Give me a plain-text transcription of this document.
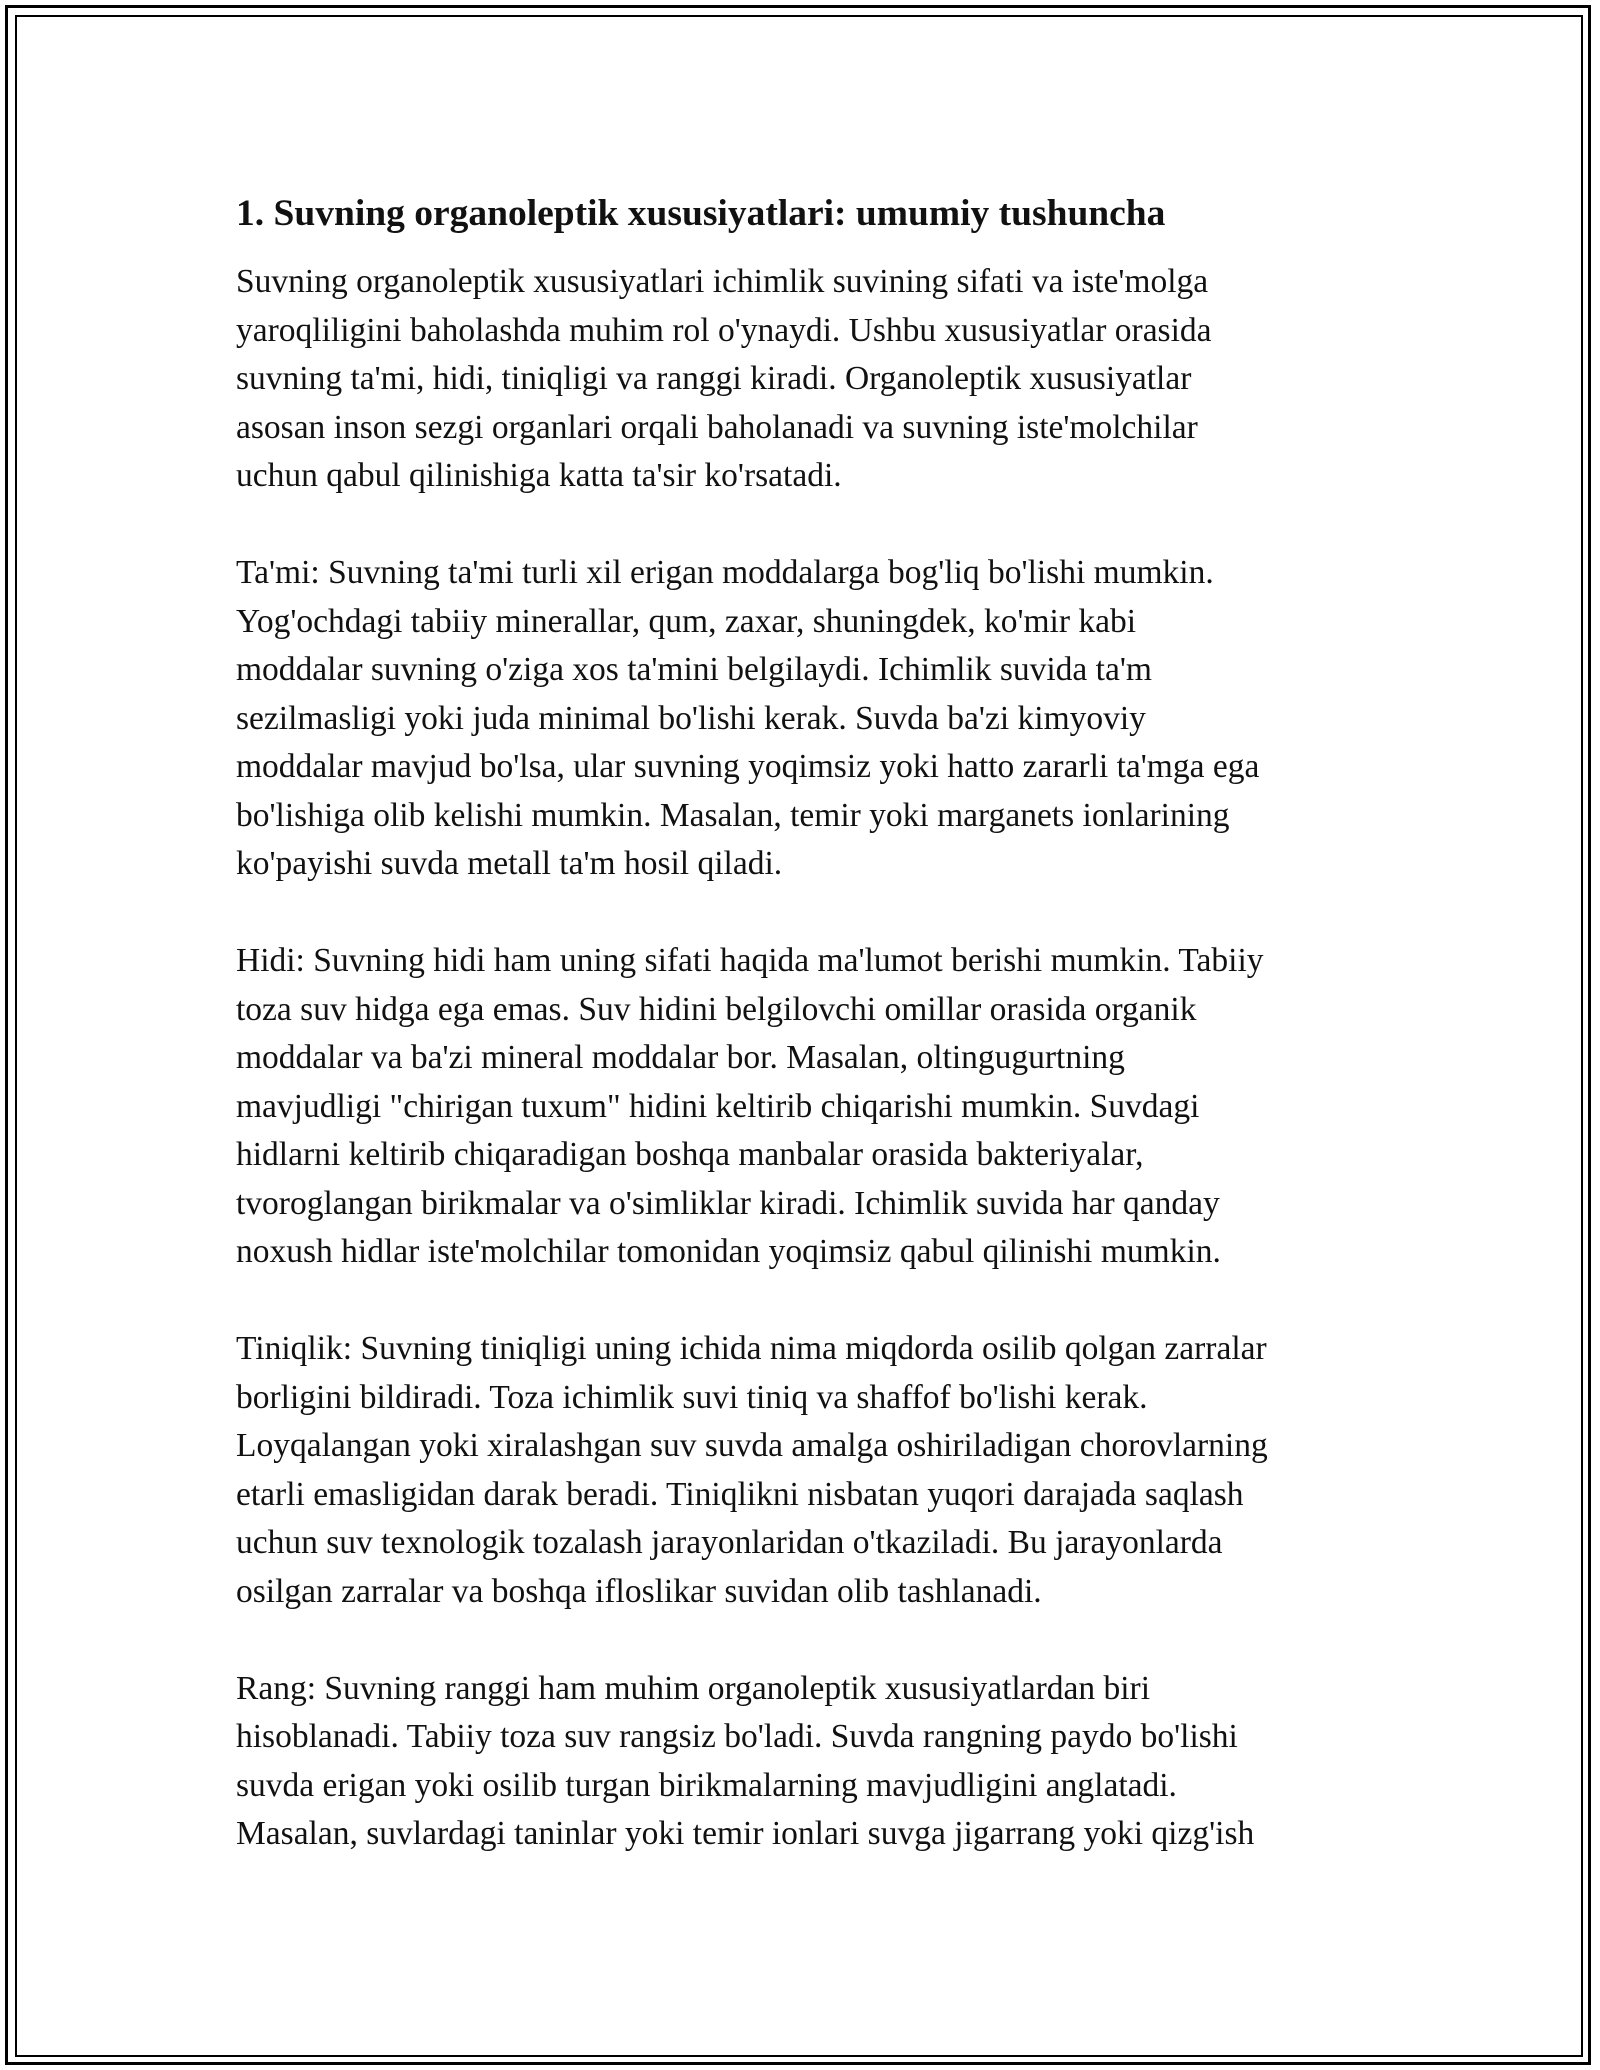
1. Suvning organoleptik xususiyatlari: umumiy tushuncha

Suvning organoleptik xususiyatlari ichimlik suvining sifati va iste'molga
yaroqliligini baholashda muhim rol o'ynaydi. Ushbu xususiyatlar orasida
suvning ta'mi, hidi, tiniqligi va ranggi kiradi. Organoleptik xususiyatlar
asosan inson sezgi organlari orqali baholanadi va suvning iste'molchilar
uchun qabul qilinishiga katta ta'sir ko'rsatadi.

Ta'mi: Suvning ta'mi turli xil erigan moddalarga bog'liq bo'lishi mumkin.
Yog'ochdagi tabiiy minerallar, qum, zaxar, shuningdek, ko'mir kabi
moddalar suvning o'ziga xos ta'mini belgilaydi. Ichimlik suvida ta'm
sezilmasligi yoki juda minimal bo'lishi kerak. Suvda ba'zi kimyoviy
moddalar mavjud bo'lsa, ular suvning yoqimsiz yoki hatto zararli ta'mga ega
bo'lishiga olib kelishi mumkin. Masalan, temir yoki marganets ionlarining
ko'payishi suvda metall ta'm hosil qiladi.

Hidi: Suvning hidi ham uning sifati haqida ma'lumot berishi mumkin. Tabiiy
toza suv hidga ega emas. Suv hidini belgilovchi omillar orasida organik
moddalar va ba'zi mineral moddalar bor. Masalan, oltingugurtning
mavjudligi "chirigan tuxum" hidini keltirib chiqarishi mumkin. Suvdagi
hidlarni keltirib chiqaradigan boshqa manbalar orasida bakteriyalar,
tvoroglangan birikmalar va o'simliklar kiradi. Ichimlik suvida har qanday
noxush hidlar iste'molchilar tomonidan yoqimsiz qabul qilinishi mumkin.

Tiniqlik: Suvning tiniqligi uning ichida nima miqdorda osilib qolgan zarralar
borligini bildiradi. Toza ichimlik suvi tiniq va shaffof bo'lishi kerak.
Loyqalangan yoki xiralashgan suv suvda amalga oshiriladigan chorovlarning
etarli emasligidan darak beradi. Tiniqlikni nisbatan yuqori darajada saqlash
uchun suv texnologik tozalash jarayonlaridan o'tkaziladi. Bu jarayonlarda
osilgan zarralar va boshqa ifloslikar suvidan olib tashlanadi.

Rang: Suvning ranggi ham muhim organoleptik xususiyatlardan biri
hisoblanadi. Tabiiy toza suv rangsiz bo'ladi. Suvda rangning paydo bo'lishi
suvda erigan yoki osilib turgan birikmalarning mavjudligini anglatadi.
Masalan, suvlardagi taninlar yoki temir ionlari suvga jigarrang yoki qizg'ish
